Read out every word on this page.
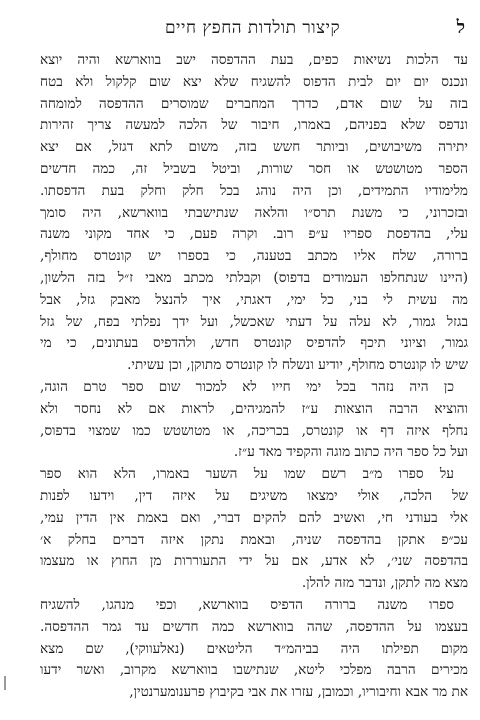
ל
קיצור תולדות החפץ חיים
עד הלכות נשיאות כפים, בעת ההדפסה ישב בווארשא והיה יוצא
ונכנס יום יום לבית הדפוס להשגיח שלא יצא שום קלקול ולא בטח
בזה על שום אדם, כדרך המחברים שמוסרים ההדפסה למומחה
ונדפס שלא בפניהם, באמרו, חיבור של הלכה למעשה צריך זהירות
יתירה משיבושים, וביותר חשש בזה, משום לתא דגזל, אם יצא
הספר מטושטש או חסר שורות, וביטל בשביל זה, כמה חדשים
מלימודיו התמידים, וכן היה נוהג בכל חלק וחלק בעת הדפסתו.
ובזכרוני, כי משנת תרס״ו והלאה שנתישבתי בווארשא, היה סומך
עלי, בהדפסת ספריו ע״פ רוב. וקרה פעם, כי אחד מקוני משנה
ברורה, שלח אליו מכתב בטענה, כי בספרו יש קונטרס מחולף,
(היינו שנתחלפו העמודים בדפוס) וקבלתי מכתב מאבי ז״ל בזה הלשון,
מה עשית לי בני, כל ימי, דאגתי, איך להנצל מאבק גזל, אבל
בגזל גמור, לא עלה על דעתי שאכשל, ועל ידך נפלתי בפח, של גזל
גמור, וציוני תיכף להדפיס קונטרס חדש, ולהדפיס בעתונים, כי מי
שיש לו קונטרס מחולף, יודיע ונשלח לו קונטרס מתוקן, וכן עשיתי.
כן היה נזהר בכל ימי חייו לא למכור שום ספר טרם הוגה,
והוציא הרבה הוצאות ע״ז להמגיהים, לראות אם לא נחסר ולא
נחלף איזה דף או קונטרס, בכריכה, או מטושטש כמו שמצוי בדפוס,
ועל כל ספר היה כתוב מוגה והקפיד מאד ע״ז.
על ספרו מ״ב רשם שמו על השער באמרו, הלא הוא ספר
של הלכה, אולי ימצאו משיגים על איזה דין, וידעו לפנות
אלי בעודני חי, ואשיב להם להקים דברי, ואם באמת אין הדין עמי,
עכ״פ אתקן בהדפסה שניה, ובאמת נתקן איזה דברים בחלק א׳
בהדפסה שני׳, לא אדע, אם על ידי התעוררות מן החוץ או מעצמו
מצא מה לתקן, ונדבר מזה להלן.
ספרו משנה ברורה הדפיס בווארשא, וכפי מנהגו, להשגיח
בעצמו על ההדפסה, שהה בווארשא כמה חדשים עד גמר ההדפסה.
מקום תפילתו היה בביהמ״ד הליטאים (נאלעווקי), שם מצא
מכירים הרבה מפלכי ליטא, שנתישבו בווארשא מקרוב, ואשר ידעו
את מר אבא וחיבוריו, וכמובן, עזרו את אבי בקיבוץ פרענומערנטין,
